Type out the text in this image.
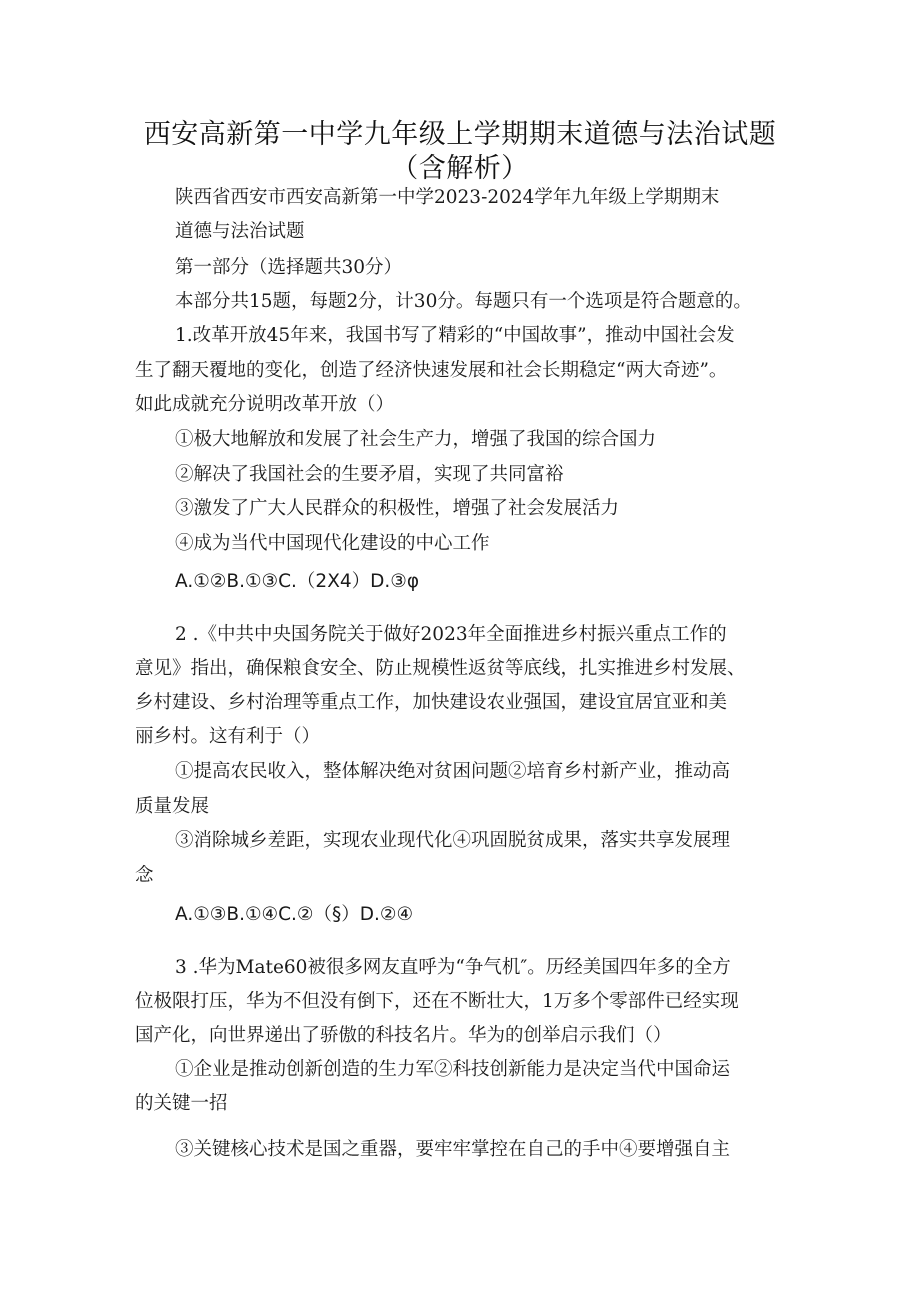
西安高新第一中学九年级上学期期末道德与法治试题
（含解析）
陕西省西安市西安高新第一中学2023-2024学年九年级上学期期末
道德与法治试题
第一部分（选择题共30分）
本部分共15题，每题2分，计30分。每题只有一个选项是符合题意的。
1.改革开放45年来，我国书写了精彩的“中国故事”，推动中国社会发
生了翻天覆地的变化，创造了经济快速发展和社会长期稳定“两大奇迹”。
如此成就充分说明改革开放（）
①极大地解放和发展了社会生产力，增强了我国的综合国力
②解决了我国社会的生要矛眉，实现了共同富裕
③激发了广大人民群众的积极性，增强了社会发展活力
④成为当代中国现代化建设的中心工作
A.①②B.①③C.（2X4）D.③φ
2 .《中共中央国务院关于做好2023年全面推进乡村振兴重点工作的
意见》指出，确保粮食安全、防止规模性返贫等底线，扎实推进乡村发展、
乡村建设、乡村治理等重点工作，加快建设农业强国，建设宜居宜亚和美
丽乡村。这有利于（）
①提高农民收入，整体解决绝对贫困问题②培育乡村新产业，推动高
质量发展
③消除城乡差距，实现农业现代化④巩固脱贫成果，落实共享发展理
念
A.①③B.①④C.②（§）D.②④
3 .华为Mate60被很多网友直呼为“争气机″。历经美国四年多的全方
位极限打压，华为不但没有倒下，还在不断壮大，1万多个零部件已经实现
国产化，向世界递出了骄傲的科技名片。华为的创举启示我们（）
①企业是推动创新创造的生力军②科技创新能力是决定当代中国命运
的关键一招
③关键核心技术是国之重器，要牢牢掌控在自己的手中④要增强自主
